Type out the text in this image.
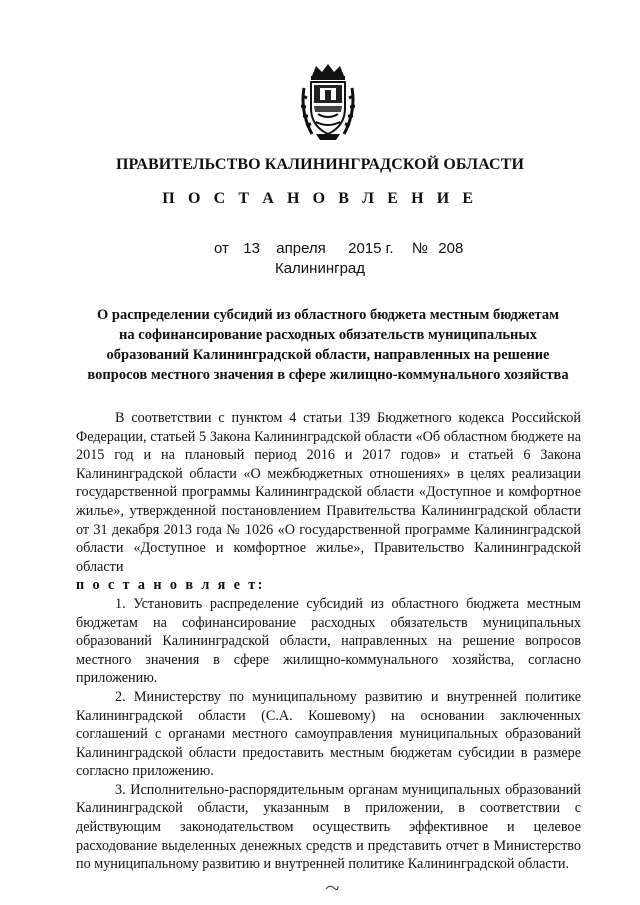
ПРАВИТЕЛЬСТВО КАЛИНИНГРАДСКОЙ ОБЛАСТИ
П О С Т А Н О В Л Е Н И Е
от 13 апреля 2015 г. № 208
Калининград
О распределении субсидий из областного бюджета местным бюджетам
на софинансирование расходных обязательств муниципальных
образований Калининградской области, направленных на решение
вопросов местного значения в сфере жилищно-коммунального хозяйства

В соответствии с пунктом 4 статьи 139 Бюджетного кодекса Российской Федерации, статьей 5 Закона Калининградской области «Об областном бюджете на 2015 год и на плановый период 2016 и 2017 годов» и статьей 6 Закона Калининградской области «О межбюджетных отношениях» в целях реализации государственной программы Калининградской области «Доступное и комфортное жилье», утвержденной постановлением Правительства Калининградской области от 31 декабря 2013 года № 1026 «О государственной программе Калининградской области «Доступное и комфортное жилье», Правительство Калининградской области

п о с т а н о в л я е т:

1. Установить распределение субсидий из областного бюджета местным бюджетам на софинансирование расходных обязательств муниципальных образований Калининградской области, направленных на решение вопросов местного значения в сфере жилищно-коммунального хозяйства, согласно приложению.

2. Министерству по муниципальному развитию и внутренней политике Калининградской области (С.А. Кошевому) на основании заключенных соглашений с органами местного самоуправления муниципальных образований Калининградской области предоставить местным бюджетам субсидии в размере согласно приложению.

3. Исполнительно-распорядительным органам муниципальных образований Калининградской области, указанным в приложении, в соответствии с действующим законодательством осуществить эффективное и целевое расходование выделенных денежных средств и представить отчет в Министерство по муниципальному развитию и внутренней политике Калининградской области.
